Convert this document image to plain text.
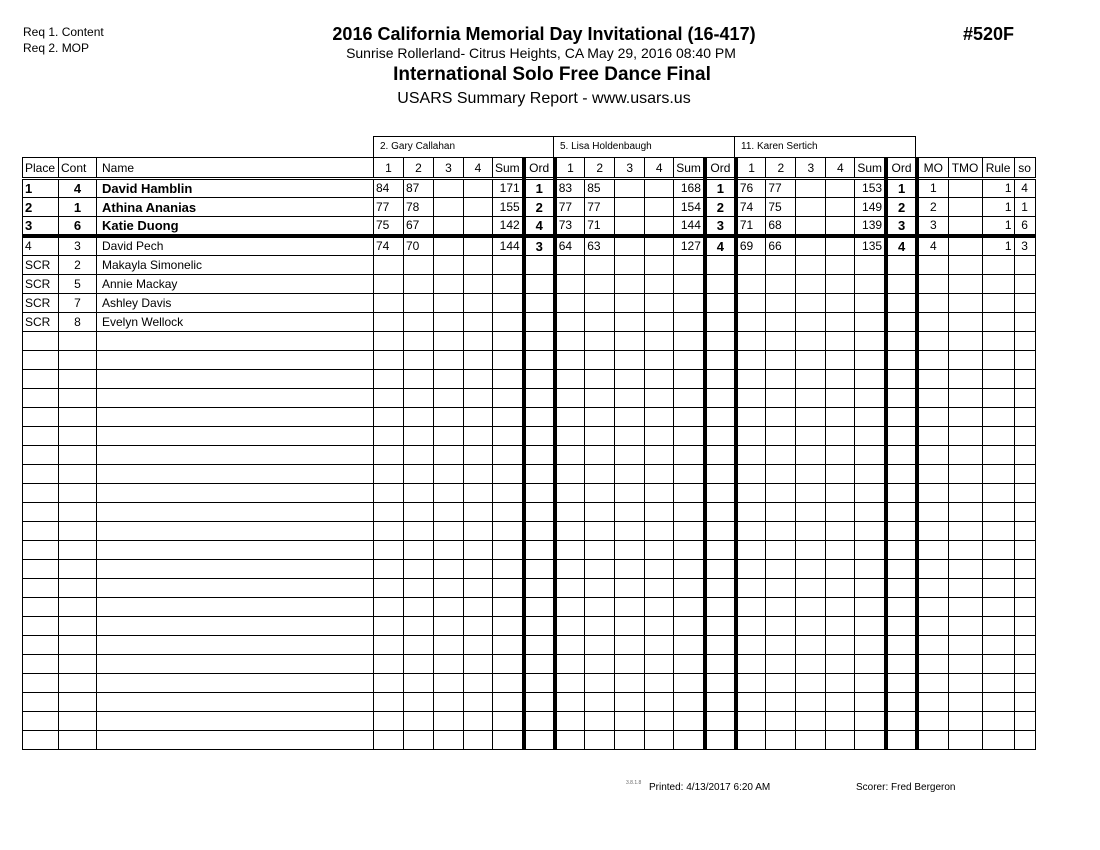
Req 1. Content
Req 2. MOP
2016 California Memorial Day Invitational (16-417)
Sunrise Rollerland- Citrus Heights, CA May 29, 2016 08:40 PM
International Solo Free Dance Final
USARS Summary Report - www.usars.us
#520F
2. Gary Callahan	5. Lisa Holdenbaugh	11. Karen Sertich
Place	Cont	Name	1	2	3	4	Sum	Ord	1	2	3	4	Sum	Ord	1	2	3	4	Sum	Ord	MO	TMO	Rule	so
1	4	David Hamblin	84	87			171	1	83	85			168	1	76	77			153	1	1		1	4
2	1	Athina Ananias	77	78			155	2	77	77			154	2	74	75			149	2	2		1	1
3	6	Katie Duong	75	67			142	4	73	71			144	3	71	68			139	3	3		1	6
4	3	David Pech	74	70			144	3	64	63			127	4	69	66			135	4	4		1	3
SCR	2	Makayla Simonelic																						
SCR	5	Annie Mackay																						
SCR	7	Ashley Davis																						
SCR	8	Evelyn Wellock																						

3.8.1.8 Printed: 4/13/2017 6:20 AM	Scorer: Fred Bergeron
